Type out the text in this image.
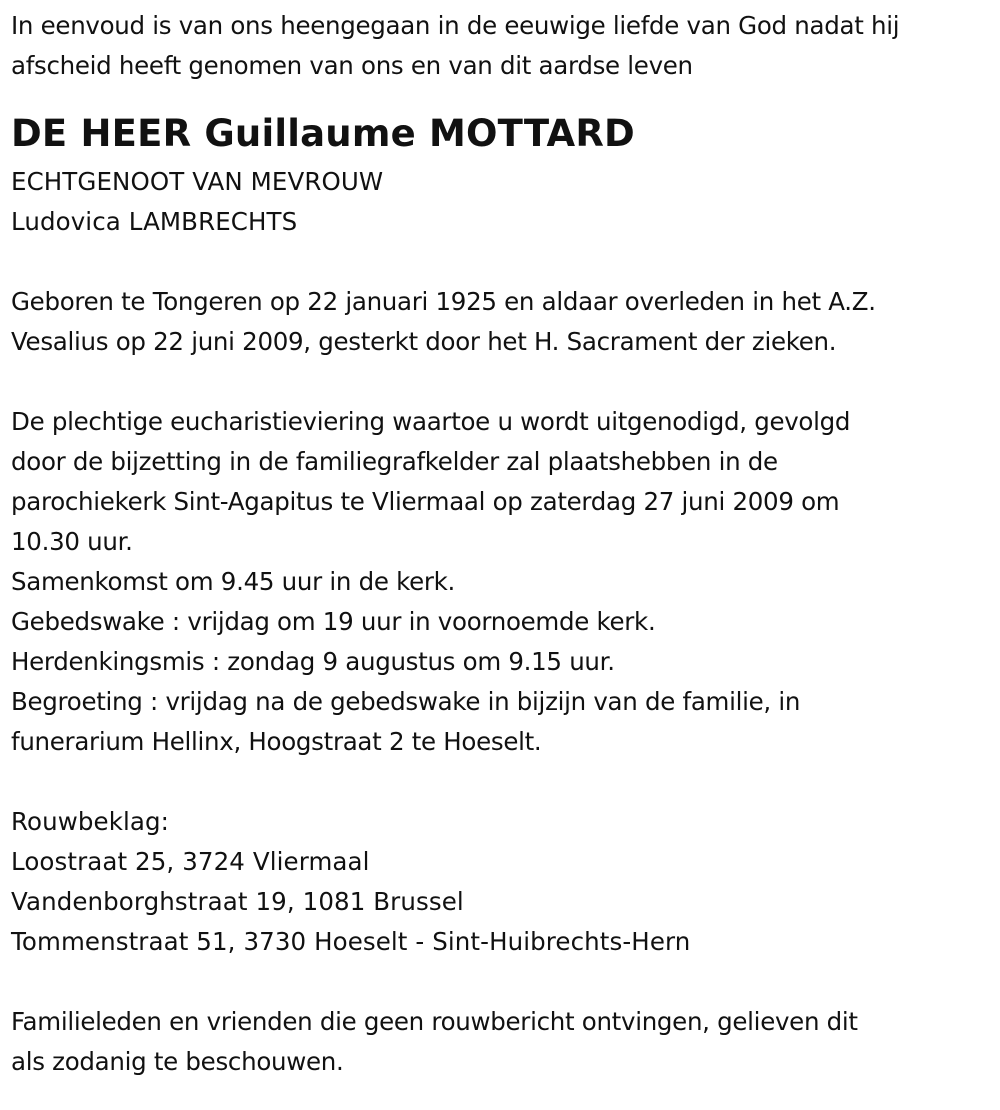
In eenvoud is van ons heengegaan in de eeuwige liefde van God nadat hij
afscheid heeft genomen van ons en van dit aardse leven
DE HEER Guillaume MOTTARD
ECHTGENOOT VAN MEVROUW
Ludovica LAMBRECHTS
Geboren te Tongeren op 22 januari 1925 en aldaar overleden in het A.Z.
Vesalius op 22 juni 2009, gesterkt door het H. Sacrament der zieken.
De plechtige eucharistieviering waartoe u wordt uitgenodigd, gevolgd
door de bijzetting in de familiegrafkelder zal plaatshebben in de
parochiekerk Sint-Agapitus te Vliermaal op zaterdag 27 juni 2009 om
10.30 uur.
Samenkomst om 9.45 uur in de kerk.
Gebedswake : vrijdag om 19 uur in voornoemde kerk.
Herdenkingsmis : zondag 9 augustus om 9.15 uur.
Begroeting : vrijdag na de gebedswake in bijzijn van de familie, in
funerarium Hellinx, Hoogstraat 2 te Hoeselt.
Rouwbeklag:
Loostraat 25, 3724 Vliermaal
Vandenborghstraat 19, 1081 Brussel
Tommenstraat 51, 3730 Hoeselt - Sint-Huibrechts-Hern
Familieleden en vrienden die geen rouwbericht ontvingen, gelieven dit
als zodanig te beschouwen.
